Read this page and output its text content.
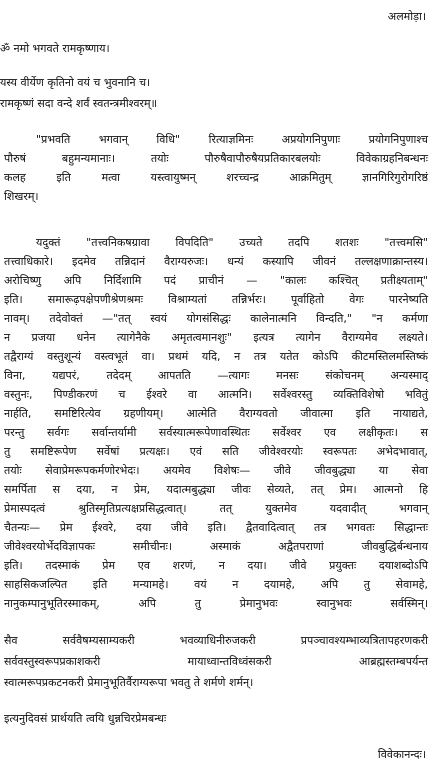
अलमोड़ा।
ॐ नमो भगवते रामकृष्णाय।
यस्य वीर्येण कृतिनो वयं च भुवनानि च।
रामकृष्णं सदा वन्दे शर्वं स्वतन्त्रमीश्वरम्॥
"प्रभवति भगवान् विधि" रित्याज्ञमिनः अप्रयोगनिपुणाः प्रयोगनिपुणाश्च
पौरुषं बहुमन्यमानाः। तयोः पौरुषैवापौरुषैयप्रतिकारबलयोः विवेकाग्रहनिबन्धनः
कलह इति मत्वा यस्त्वायुष्मन् शरच्चन्द्र आक्रमितुम् ज्ञानगिरिगुरोगरिष्ठं
शिखरम्।
यदुक्तं "तत्त्वनिकषग्रावा विपदिति" उच्यते तदपि शतशः "तत्त्वमसि"
तत्त्वाधिकारे। इदमेव तन्निदानं वैराग्यरुजः। धन्यं कस्यापि जीवनं तल्लक्षणाक्रान्तस्य।
अरोचिष्णु अपि निर्दिशामि पदं प्राचीनं — "कालः कश्चित् प्रतीक्ष्यताम्"
इति। समारूढ़पक्षेपणीश्रेणश्रमः विश्राम्यतां तन्निर्भरः। पूर्वाहितो वेगः पारनेष्यति
नावम्। तदेवोक्तं —"तत् स्वयं योगसंसिद्धः कालेनात्मनि विन्दति," "न कर्मणा
न प्रजया धनेन त्यागेनैके अमृतत्वमानशुः" इत्यत्र त्यागेन वैराग्यमेव लक्ष्यते।
तद्वैराग्यं वस्तुशून्यं वस्त्वभूतं वा। प्रथमं यदि, न तत्र यतेत कोऽपि कीटमस्तिलमस्तिष्कं
विना, यद्यपरं, तदेदम् आपतति —त्यागः मनसः संकोचनम् अन्यस्माद्
वस्तुनः, पिण्डीकरणं च ईश्वरे वा आत्मनि। सर्वेश्वरस्तु व्यक्तिविशेषो भवितुं
नार्हति, समष्टिरित्येव ग्रहणीयम्। आत्मेति वैराग्यवतो जीवात्मा इति नायाद्यते,
परन्तु सर्वगः सर्वान्तर्यामी सर्वस्यात्मरूपेणावस्थितः सर्वेश्वर एव लक्षीकृतः। स
तु समष्टिरूपेण सर्वेषां प्रत्यक्षः। एवं सति जीवेश्वरयोः स्वरूपतः अभेदभावात्,
तयोः सेवाप्रेमरूपकर्मणोरभेदः। अयमेव विशेषः— जीवे जीवबुद्ध्या या सेवा
समर्पिता स दया, न प्रेम, यदात्मबुद्ध्या जीवः सेव्यते, तत् प्रेम। आत्मनो हि
प्रेमास्पदत्वं श्रुतिस्मृतिप्रत्यक्षप्रसिद्धत्वात्। तत् युक्तमेव यदवादीत् भगवान्
चैतन्यः— प्रेम ईश्वरे, दया जीवे इति। द्वैतवादित्वात् तत्र भगवतः सिद्धान्तः
जीवेश्वरयोर्भेदविज्ञापकः समीचीनः। अस्माकं अद्वैतपराणां जीवबुद्धिर्बन्धनाय
इति। तदस्माकं प्रेम एव शरणं, न दया। जीवे प्रयुक्तः दयाशब्दोऽपि
साहसिकजल्पित इति मन्यामहे। वयं न दयामहे, अपि तु सेवामहे,
नानुकम्पानुभूतिरस्माकम्, अपि तु प्रेमानुभवः स्वानुभवः सर्वस्मिन्।
सैव सर्ववैषम्यसाम्यकरी भवव्याधिनीरुजकरी प्रपञ्चावश्यम्भाव्यत्रितापहरणकरी
सर्ववस्तुस्वरूपप्रकाशकरी मायाध्वान्तविध्वंसकरी आब्रह्मस्तम्बपर्यन्त
स्वात्मरूपप्रकटनकरी प्रेमानुभूतिर्वैराग्यरूपा भवतु ते शर्मणे शर्मन्।
इत्यनुदिवसं प्रार्थयति त्वयि धुन्नचिरप्रेमबन्धः
विवेकानन्दः।
